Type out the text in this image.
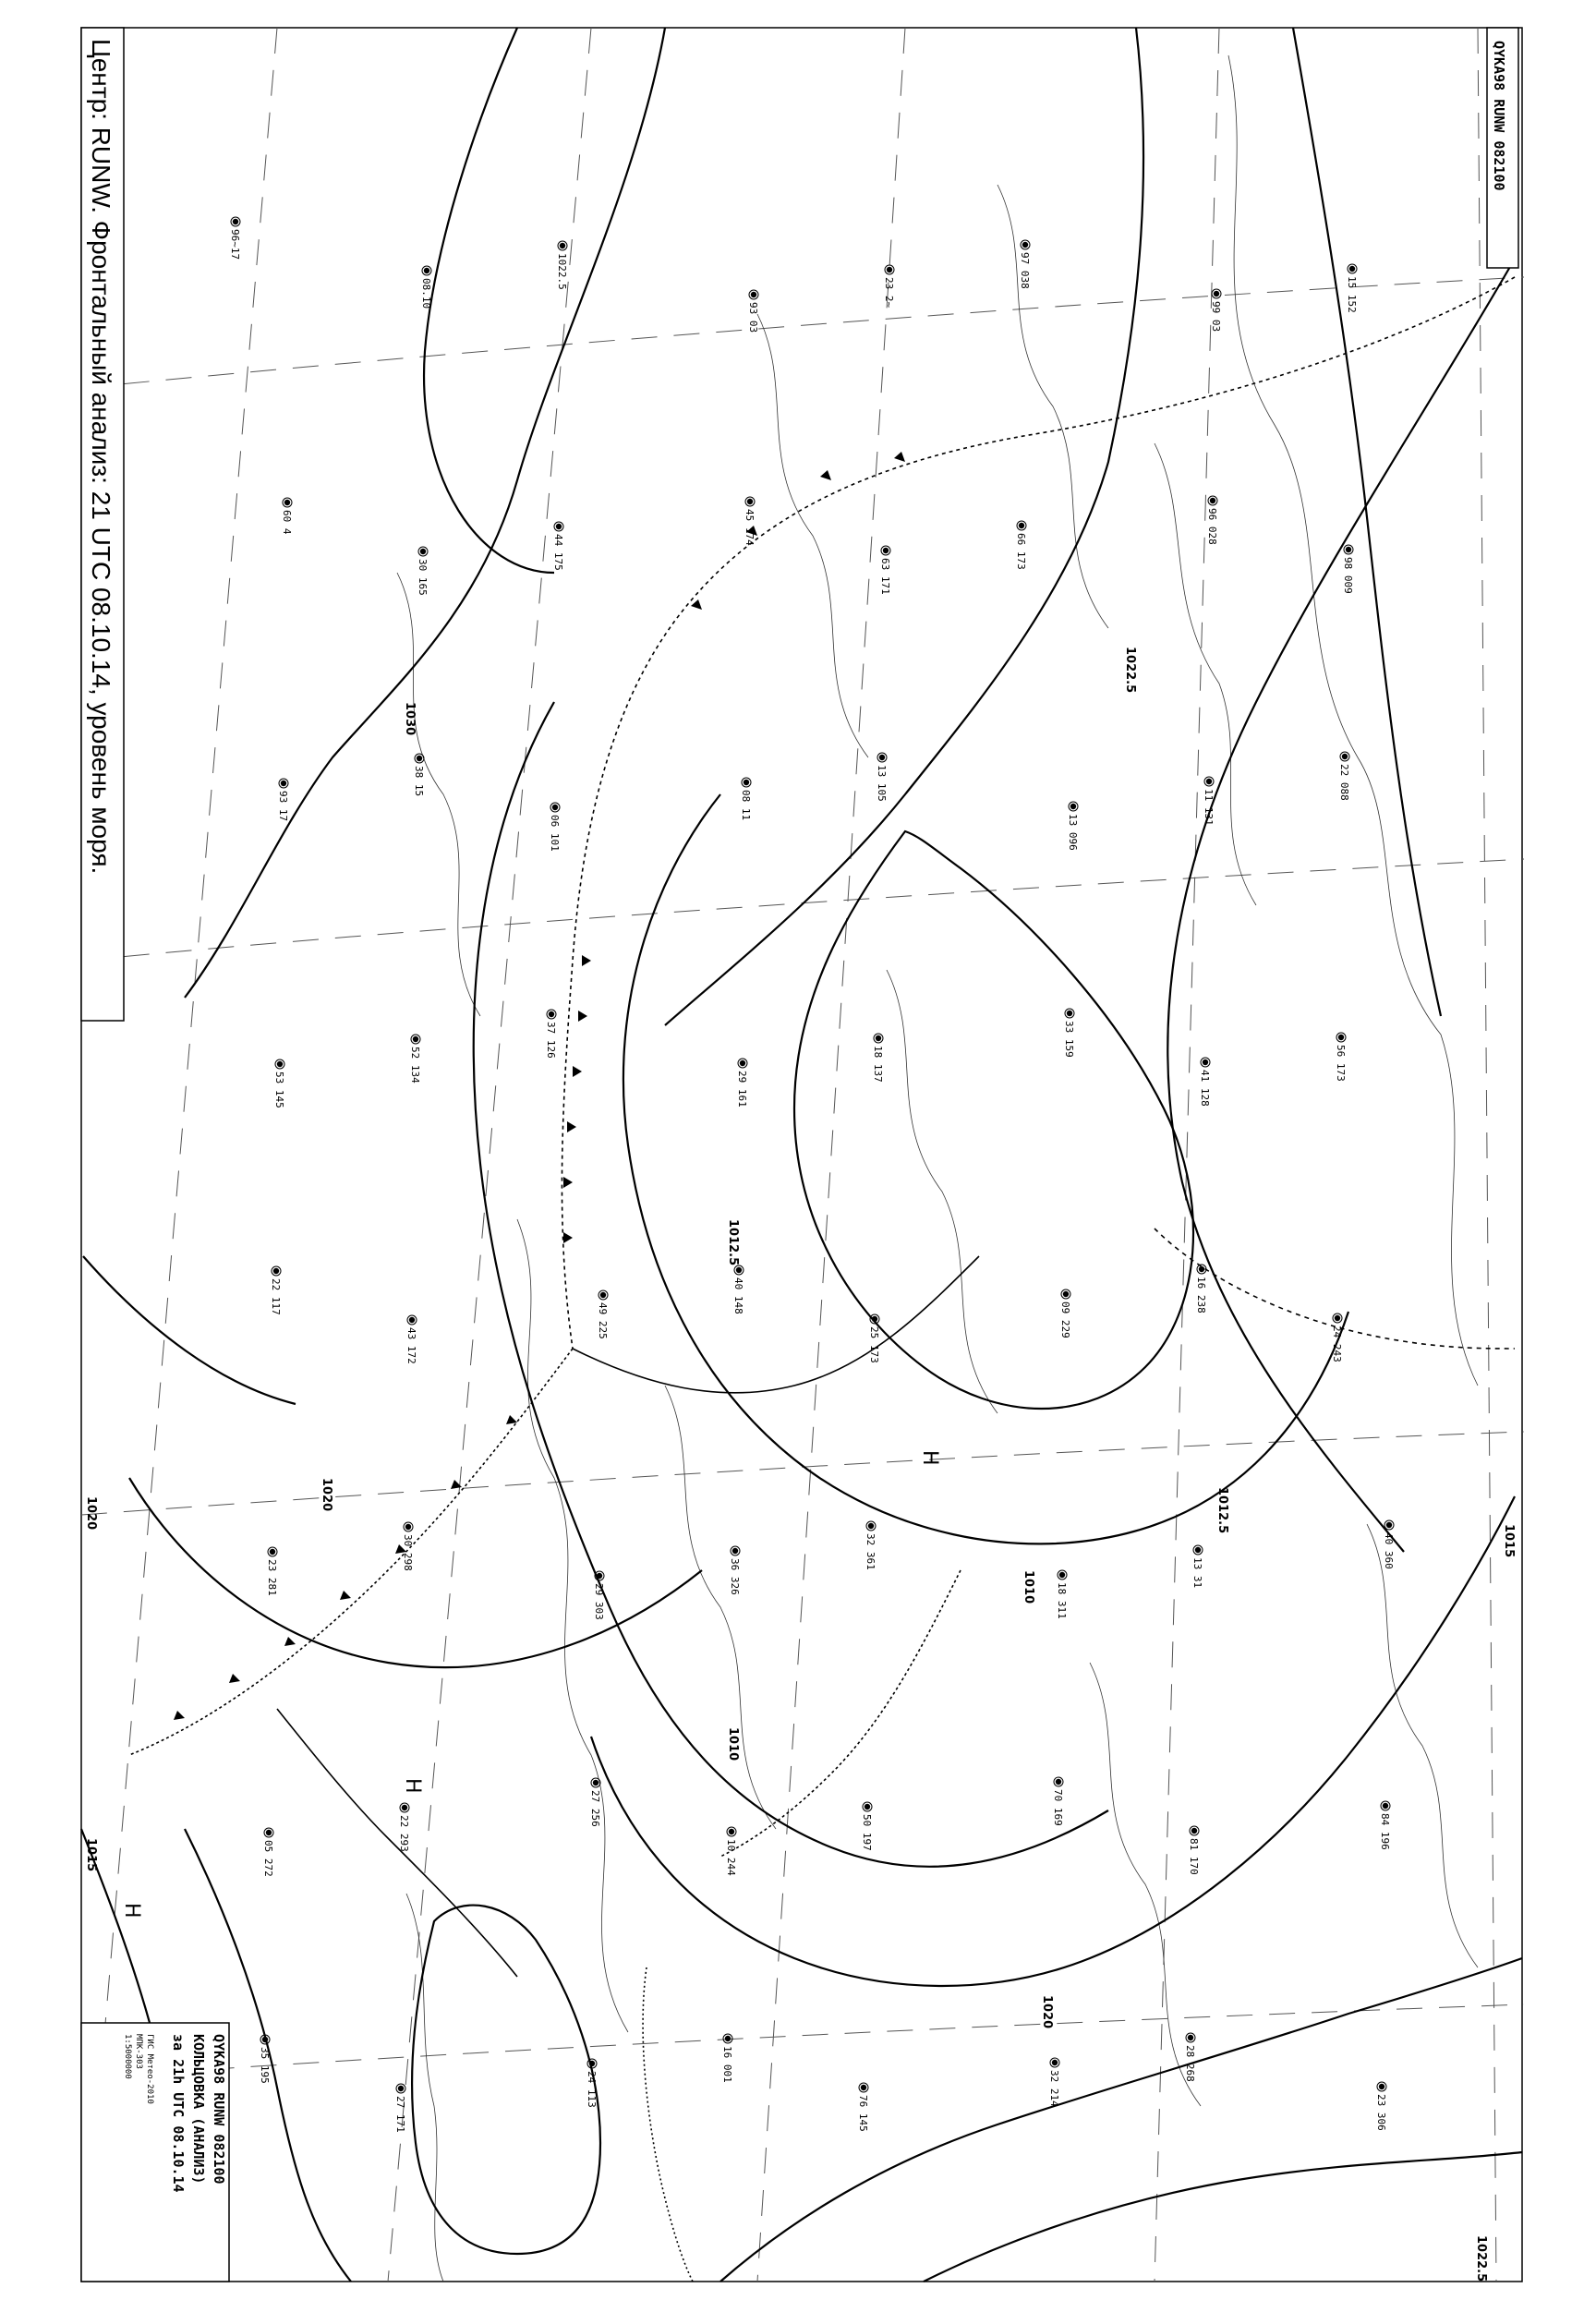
96~17
08.10
1022.5
93 03
23 2~
97 038
99 03
15 152
60 4
30 165
44 175
45 174
63 171
66 173
96 028
98 009
93 17
38 15
06 101
08 11
13 105
13 096
11 131
22 088
53 145
52 134
37 126
29 161
18 137
33 159
41 128
56 173
22 117
43 172
49 225
40 148
25 173
09 229
16 238
24 243
23 281
30 298
29 303
36 326
32 361
18 311
13 31
40 360
05 272
22 293
27 256
10 244
50 197
70 169
81 170
84 196
35 195
27 171
24 113
16 001
76 145
32 214
28 268
23 306
1030
1022.5
1020
1015
1012.5
1010
1010
1012.5
1020
1022.5
1015
1020
Н
Н
Н
Центр: RUNW. Фронтальный анализ: 21 UTC 08.10.14, уровень моря.	QYKA98 RUNW 082100
QYKA98 RUNW 082100
КОЛЬЦОВКА (АНАЛИЗ)
за 21h UTC 08.10.14
ГИС Метео-2010
МПК-303
1:5000000
